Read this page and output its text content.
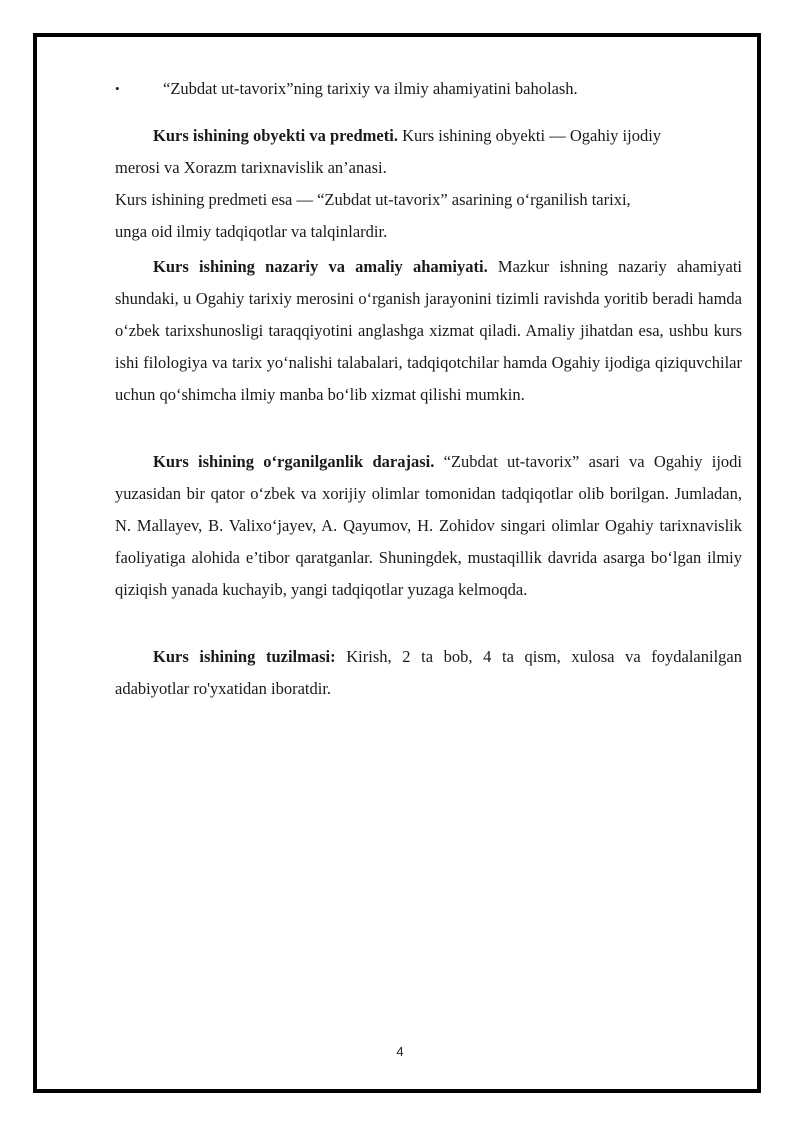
•	“Zubdat ut-tavorix”ning tarixiy va ilmiy ahamiyatini baholash.
Kurs ishining obyekti va predmeti. Kurs ishining obyekti — Ogahiy ijodiy
merosi va Xorazm tarixnavislik an’anasi.
Kurs ishining predmeti esa — “Zubdat ut-tavorix” asarining o‘rganilish tarixi,
unga oid ilmiy tadqiqotlar va talqinlardir.
Kurs ishining nazariy va amaliy ahamiyati. Mazkur ishning nazariy ahamiyati shundaki, u Ogahiy tarixiy merosini o‘rganish jarayonini tizimli ravishda yoritib beradi hamda o‘zbek tarixshunosligi taraqqiyotini anglashga xizmat qiladi. Amaliy jihatdan esa, ushbu kurs ishi filologiya va tarix yo‘nalishi talabalari, tadqiqotchilar hamda Ogahiy ijodiga qiziquvchilar uchun qo‘shimcha ilmiy manba bo‘lib xizmat qilishi mumkin.
Kurs ishining o‘rganilganlik darajasi. “Zubdat ut-tavorix” asari va Ogahiy ijodi yuzasidan bir qator o‘zbek va xorijiy olimlar tomonidan tadqiqotlar olib borilgan. Jumladan, N. Mallayev, B. Valixo‘jayev, A. Qayumov, H. Zohidov singari olimlar Ogahiy tarixnavislik faoliyatiga alohida e’tibor qaratganlar. Shuningdek, mustaqillik davrida asarga bo‘lgan ilmiy qiziqish yanada kuchayib, yangi tadqiqotlar yuzaga kelmoqda.
Kurs ishining tuzilmasi: Kirish, 2 ta bob, 4 ta qism, xulosa va foydalanilgan adabiyotlar ro'yxatidan iboratdir.
4
